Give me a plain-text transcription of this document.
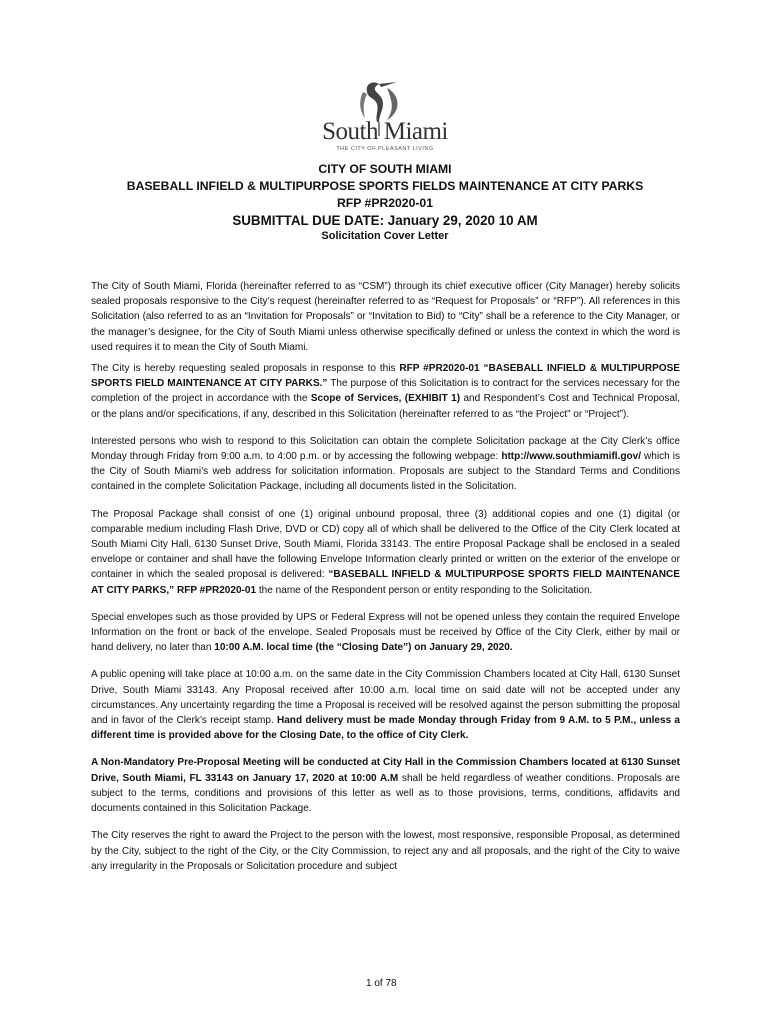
South Miami
THE CITY OF PLEASANT LIVING
CITY OF SOUTH MIAMI
BASEBALL INFIELD & MULTIPURPOSE SPORTS FIELDS MAINTENANCE AT CITY PARKS
RFP #PR2020-01
SUBMITTAL DUE DATE: January 29, 2020 10 AM
Solicitation Cover Letter

The City of South Miami, Florida (hereinafter referred to as “CSM”) through its chief executive officer (City Manager) hereby solicits sealed proposals responsive to the City’s request (hereinafter referred to as “Request for Proposals” or “RFP”). All references in this Solicitation (also referred to as an “Invitation for Proposals” or “Invitation to Bid) to “City” shall be a reference to the City Manager, or the manager’s designee, for the City of South Miami unless otherwise specifically defined or unless the context in which the word is used requires it to mean the City of South Miami.

The City is hereby requesting sealed proposals in response to this RFP #PR2020-01 “BASEBALL INFIELD & MULTIPURPOSE SPORTS FIELD MAINTENANCE AT CITY PARKS.” The purpose of this Solicitation is to contract for the services necessary for the completion of the project in accordance with the Scope of Services, (EXHIBIT 1) and Respondent’s Cost and Technical Proposal, or the plans and/or specifications, if any, described in this Solicitation (hereinafter referred to as “the Project” or “Project”).

Interested persons who wish to respond to this Solicitation can obtain the complete Solicitation package at the City Clerk’s office Monday through Friday from 9:00 a.m. to 4:00 p.m. or by accessing the following webpage: http://www.southmiamifl.gov/ which is the City of South Miami’s web address for solicitation information. Proposals are subject to the Standard Terms and Conditions contained in the complete Solicitation Package, including all documents listed in the Solicitation.

The Proposal Package shall consist of one (1) original unbound proposal, three (3) additional copies and one (1) digital (or comparable medium including Flash Drive, DVD or CD) copy all of which shall be delivered to the Office of the City Clerk located at South Miami City Hall, 6130 Sunset Drive, South Miami, Florida 33143. The entire Proposal Package shall be enclosed in a sealed envelope or container and shall have the following Envelope Information clearly printed or written on the exterior of the envelope or container in which the sealed proposal is delivered: “BASEBALL INFIELD & MULTIPURPOSE SPORTS FIELD MAINTENANCE AT CITY PARKS,” RFP #PR2020-01 the name of the Respondent person or entity responding to the Solicitation.

Special envelopes such as those provided by UPS or Federal Express will not be opened unless they contain the required Envelope Information on the front or back of the envelope. Sealed Proposals must be received by Office of the City Clerk, either by mail or hand delivery, no later than 10:00 A.M. local time (the “Closing Date”) on January 29, 2020.

A public opening will take place at 10:00 a.m. on the same date in the City Commission Chambers located at City Hall, 6130 Sunset Drive, South Miami 33143. Any Proposal received after 10:00 a.m. local time on said date will not be accepted under any circumstances. Any uncertainty regarding the time a Proposal is received will be resolved against the person submitting the proposal and in favor of the Clerk’s receipt stamp. Hand delivery must be made Monday through Friday from 9 A.M. to 5 P.M., unless a different time is provided above for the Closing Date, to the office of City Clerk.

A Non-Mandatory Pre-Proposal Meeting will be conducted at City Hall in the Commission Chambers located at 6130 Sunset Drive, South Miami, FL 33143 on January 17, 2020 at 10:00 A.M shall be held regardless of weather conditions. Proposals are subject to the terms, conditions and provisions of this letter as well as to those provisions, terms, conditions, affidavits and documents contained in this Solicitation Package.

The City reserves the right to award the Project to the person with the lowest, most responsive, responsible Proposal, as determined by the City, subject to the right of the City, or the City Commission, to reject any and all proposals, and the right of the City to waive any irregularity in the Proposals or Solicitation procedure and subject

1 of 78
